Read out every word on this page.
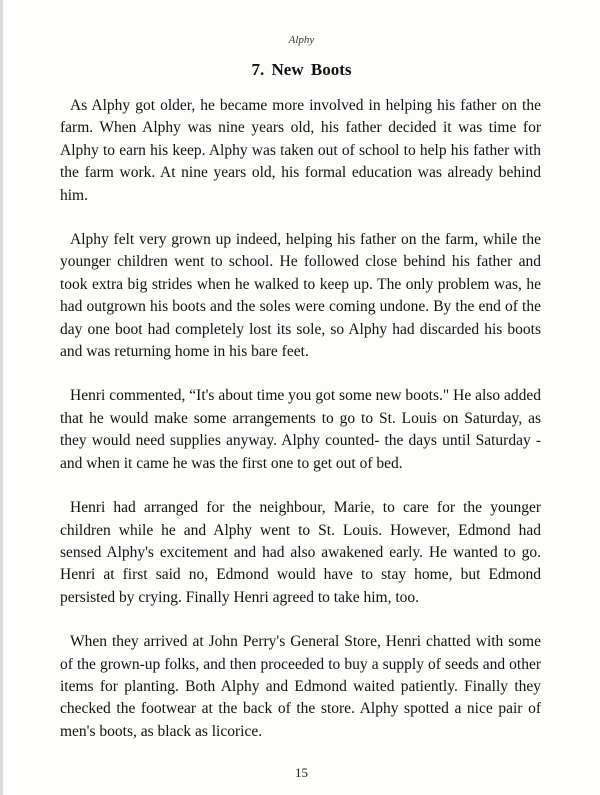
Alphy
7. New Boots

As Alphy got older, he became more involved in helping his father on the farm. When Alphy was nine years old, his father decided it was time for Alphy to earn his keep. Alphy was taken out of school to help his father with the farm work. At nine years old, his formal education was already behind him.

Alphy felt very grown up indeed, helping his father on the farm, while the younger children went to school. He followed close behind his father and took extra big strides when he walked to keep up. The only problem was, he had outgrown his boots and the soles were coming undone. By the end of the day one boot had completely lost its sole, so Alphy had discarded his boots and was returning home in his bare feet.

Henri commented, “It's about time you got some new boots." He also added that he would make some arrangements to go to St. Louis on Saturday, as they would need supplies anyway. Alphy counted- the days until Saturday - and when it came he was the first one to get out of bed.

Henri had arranged for the neighbour, Marie, to care for the younger children while he and Alphy went to St. Louis. However, Edmond had sensed Alphy's excitement and had also awakened early. He wanted to go. Henri at first said no, Edmond would have to stay home, but Edmond persisted by crying. Finally Henri agreed to take him, too.

When they arrived at John Perry's General Store, Henri chatted with some of the grown-up folks, and then proceeded to buy a supply of seeds and other items for planting. Both Alphy and Edmond waited patiently. Finally they checked the footwear at the back of the store. Alphy spotted a nice pair of men's boots, as black as licorice.

15
